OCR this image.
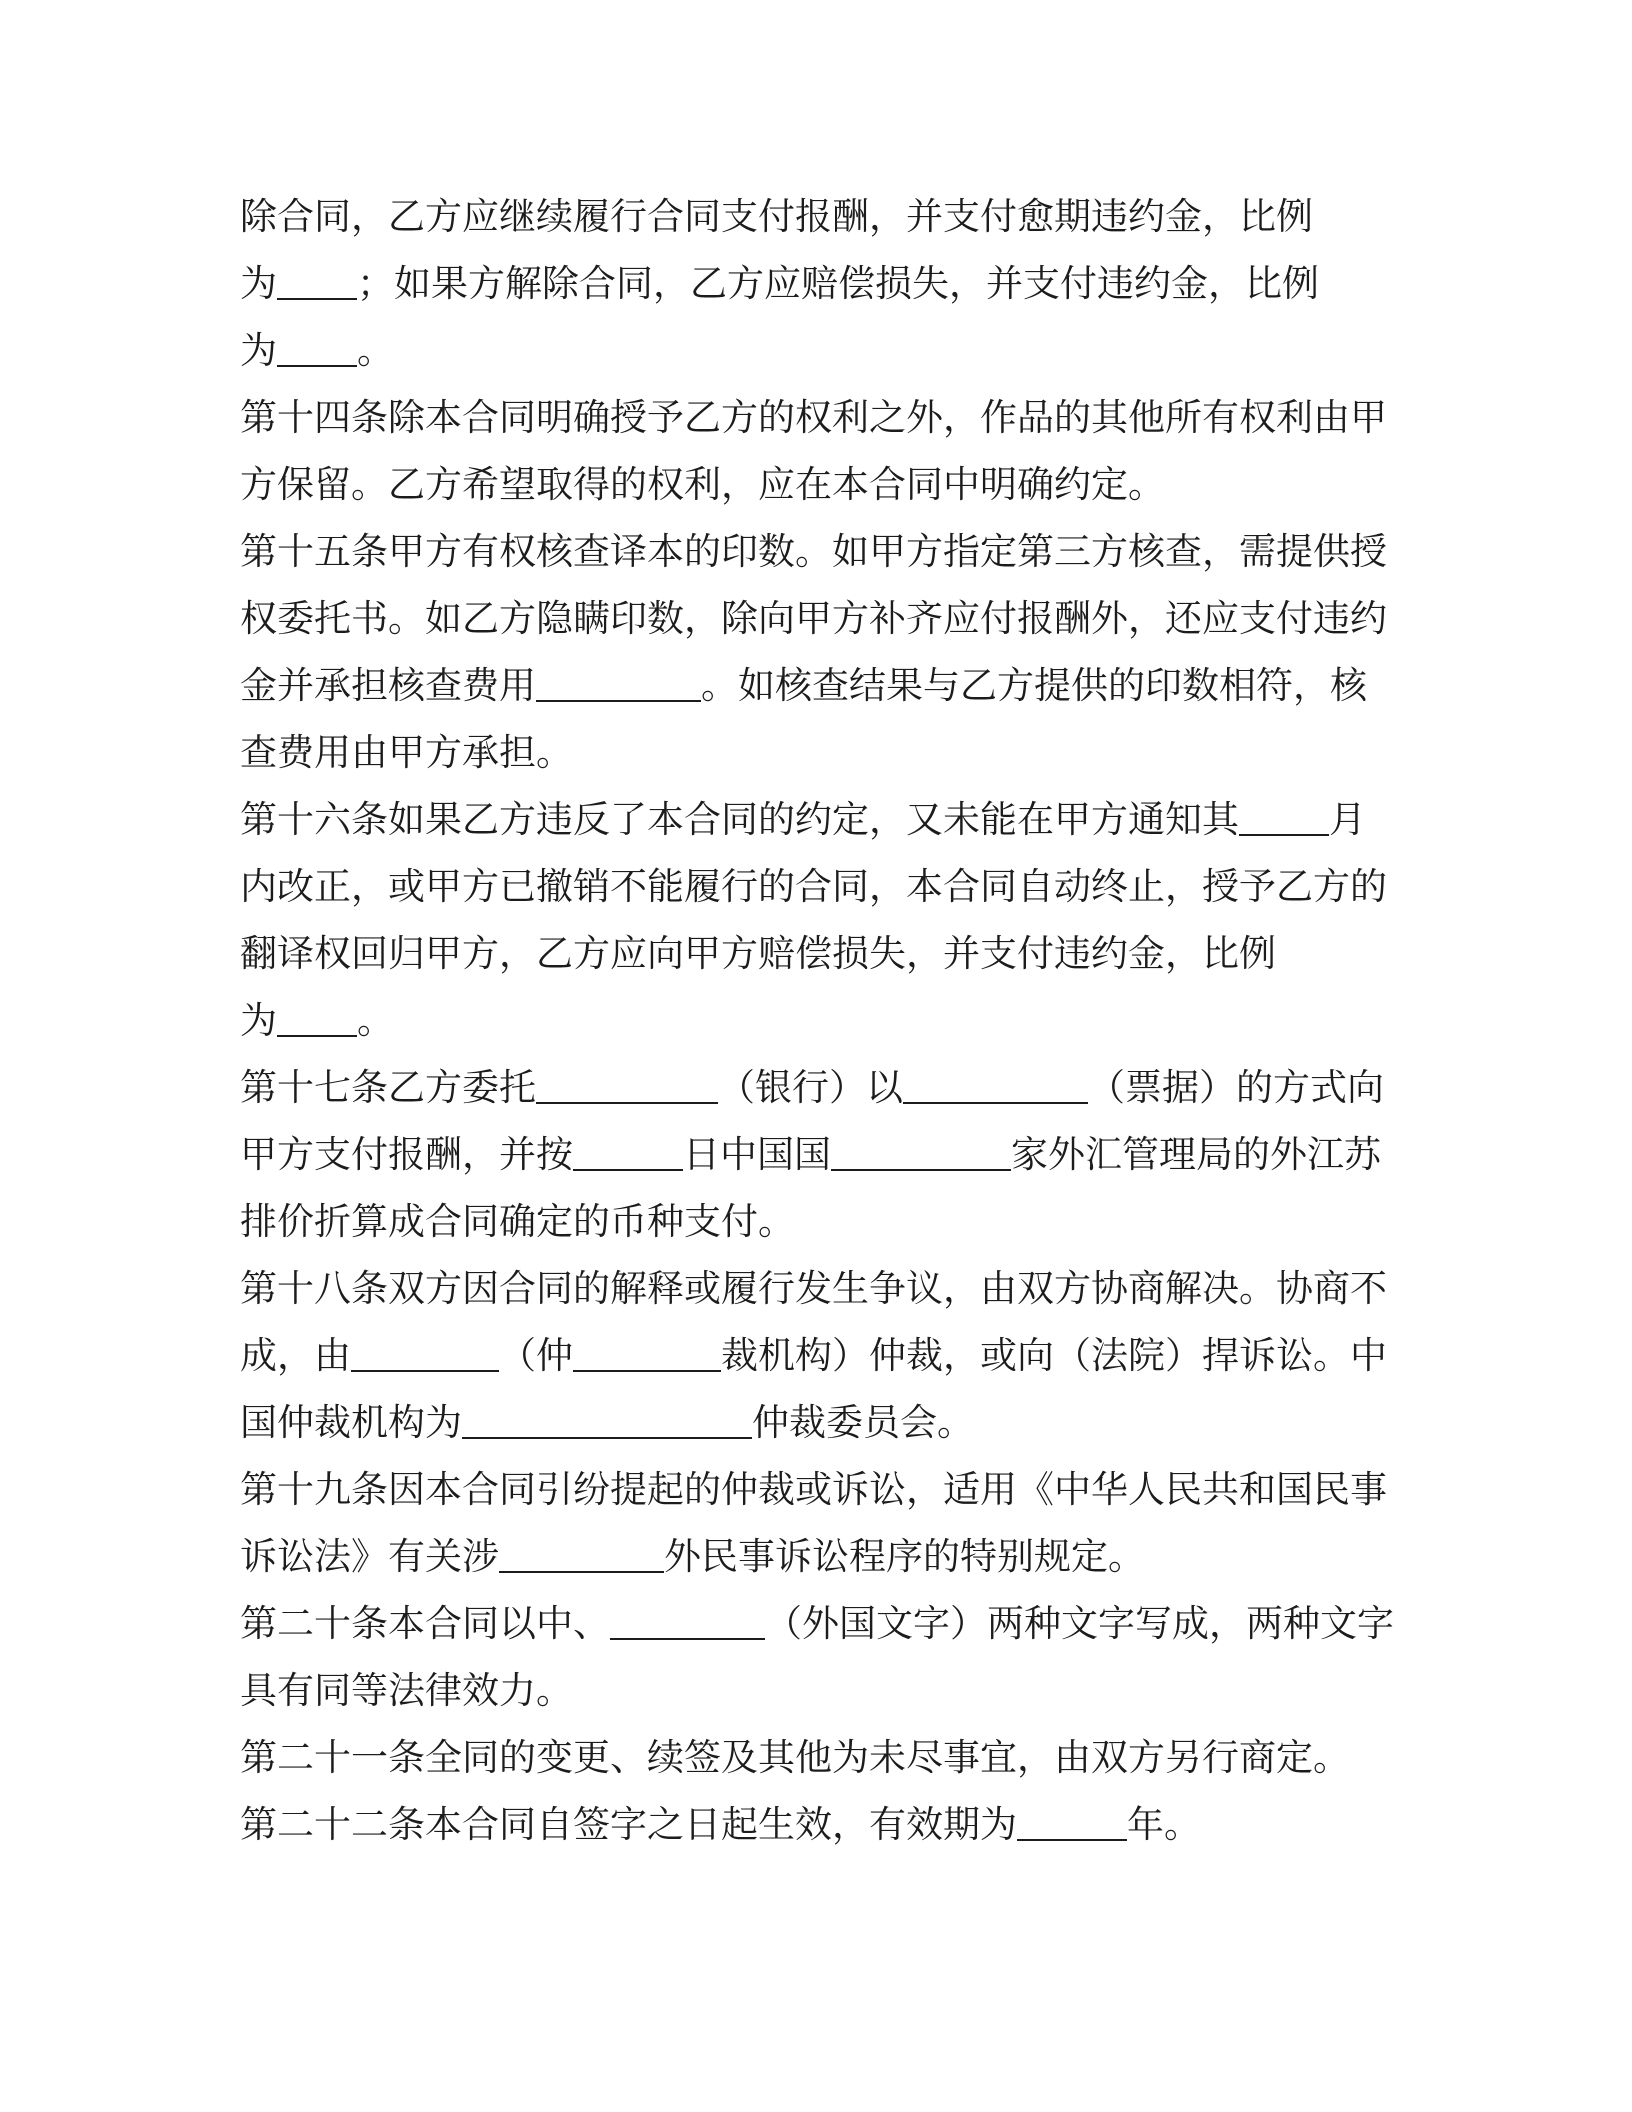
除合同，乙方应继续履行合同支付报酬，并支付愈期违约金，比例
为 ；如果方解除合同，乙方应赔偿损失，并支付违约金，比例
为 。
第十四条除本合同明确授予乙方的权利之外，作品的其他所有权利由甲
方保留。乙方希望取得的权利，应在本合同中明确约定。
第十五条甲方有权核查译本的印数。如甲方指定第三方核查，需提供授
权委托书。如乙方隐瞒印数，除向甲方补齐应付报酬外，还应支付违约
金并承担核查费用	。如核查结果与乙方提供的印数相符，核
查费用由甲方承担。
第十六条如果乙方违反了本合同的约定，又未能在甲方通知其 月
内改正，或甲方已撤销不能履行的合同，本合同自动终止，授予乙方的
翻译权回归甲方，乙方应向甲方赔偿损失，并支付违约金，比例
为 。
第十七条乙方委托	（银行）以	（票据）的方式向
甲方支付报酬，并按	日中国国	家外汇管理局的外江苏
排价折算成合同确定的币种支付。
第十八条双方因合同的解释或履行发生争议，由双方协商解决。协商不
成，由	（仲	裁机构）仲裁，或向（法院）捍诉讼。中
国仲裁机构为	仲裁委员会。
第十九条因本合同引纷提起的仲裁或诉讼，适用《中华人民共和国民事
诉讼法》有关涉	外民事诉讼程序的特别规定。
第二十条本合同以中、	（外国文字）两种文字写成，两种文字
具有同等法律效力。
第二十一条全同的变更、续签及其他为未尽事宜，由双方另行商定。
第二十二条本合同自签字之日起生效，有效期为	年。
